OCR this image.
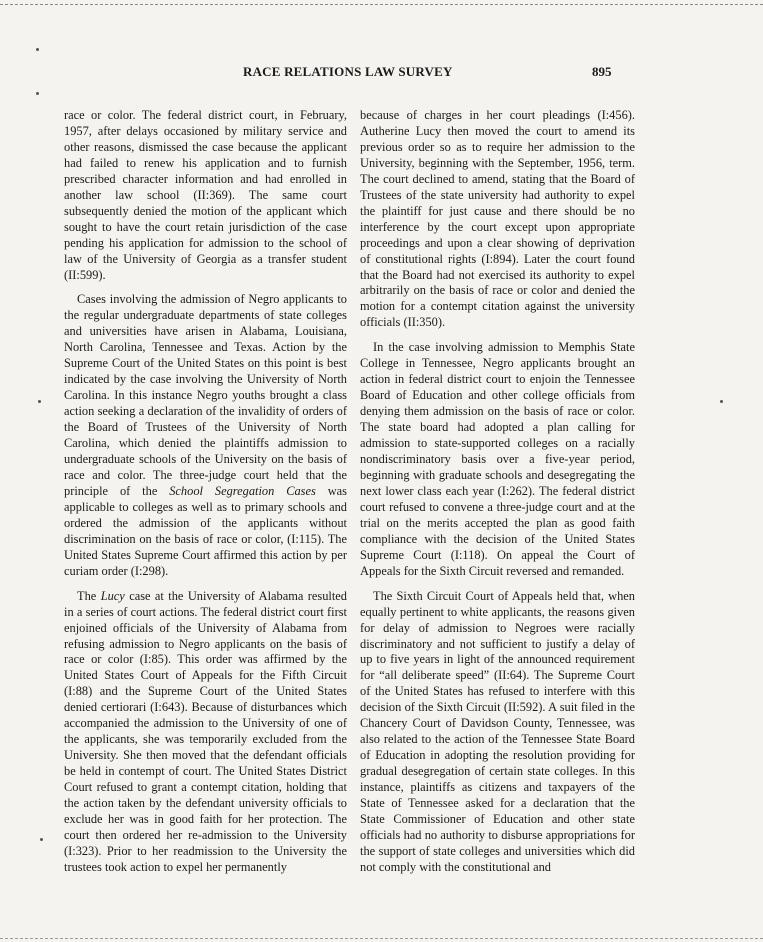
RACE RELATIONS LAW SURVEY	895

race or color. The federal district court, in February, 1957, after delays occasioned by military service and other reasons, dismissed the case because the applicant had failed to renew his application and to furnish prescribed character information and had enrolled in another law school (II:369). The same court subsequently denied the motion of the applicant which sought to have the court retain jurisdiction of the case pending his application for admission to the school of law of the University of Georgia as a transfer student (II:599).

Cases involving the admission of Negro applicants to the regular undergraduate departments of state colleges and universities have arisen in Alabama, Louisiana, North Carolina, Tennessee and Texas. Action by the Supreme Court of the United States on this point is best indicated by the case involving the University of North Carolina. In this instance Negro youths brought a class action seeking a declaration of the invalidity of orders of the Board of Trustees of the University of North Carolina, which denied the plaintiffs admission to undergraduate schools of the University on the basis of race and color. The three-judge court held that the principle of the School Segregation Cases was applicable to colleges as well as to primary schools and ordered the admission of the applicants without discrimination on the basis of race or color, (I:115). The United States Supreme Court affirmed this action by per curiam order (I:298).

The Lucy case at the University of Alabama resulted in a series of court actions. The federal district court first enjoined officials of the University of Alabama from refusing admission to Negro applicants on the basis of race or color (I:85). This order was affirmed by the United States Court of Appeals for the Fifth Circuit (I:88) and the Supreme Court of the United States denied certiorari (I:643). Because of disturbances which accompanied the admission to the University of one of the applicants, she was temporarily excluded from the University. She then moved that the defendant officials be held in contempt of court. The United States District Court refused to grant a contempt citation, holding that the action taken by the defendant university officials to exclude her was in good faith for her protection. The court then ordered her re-admission to the University (I:323). Prior to her readmission to the University the trustees took action to expel her permanently

because of charges in her court pleadings (I:456). Autherine Lucy then moved the court to amend its previous order so as to require her admission to the University, beginning with the September, 1956, term. The court declined to amend, stating that the Board of Trustees of the state university had authority to expel the plaintiff for just cause and there should be no interference by the court except upon appropriate proceedings and upon a clear showing of deprivation of constitutional rights (I:894). Later the court found that the Board had not exercised its authority to expel arbitrarily on the basis of race or color and denied the motion for a contempt citation against the university officials (II:350).

In the case involving admission to Memphis State College in Tennessee, Negro applicants brought an action in federal district court to enjoin the Tennessee Board of Education and other college officials from denying them admission on the basis of race or color. The state board had adopted a plan calling for admission to state-supported colleges on a racially nondiscriminatory basis over a five-year period, beginning with graduate schools and desegregating the next lower class each year (I:262). The federal district court refused to convene a three-judge court and at the trial on the merits accepted the plan as good faith compliance with the decision of the United States Supreme Court (I:118). On appeal the Court of Appeals for the Sixth Circuit reversed and remanded.

The Sixth Circuit Court of Appeals held that, when equally pertinent to white applicants, the reasons given for delay of admission to Negroes were racially discriminatory and not sufficient to justify a delay of up to five years in light of the announced requirement for “all deliberate speed” (II:64). The Supreme Court of the United States has refused to interfere with this decision of the Sixth Circuit (II:592). A suit filed in the Chancery Court of Davidson County, Tennessee, was also related to the action of the Tennessee State Board of Education in adopting the resolution providing for gradual desegregation of certain state colleges. In this instance, plaintiffs as citizens and taxpayers of the State of Tennessee asked for a declaration that the State Commissioner of Education and other state officials had no authority to disburse appropriations for the support of state colleges and universities which did not comply with the constitutional and
